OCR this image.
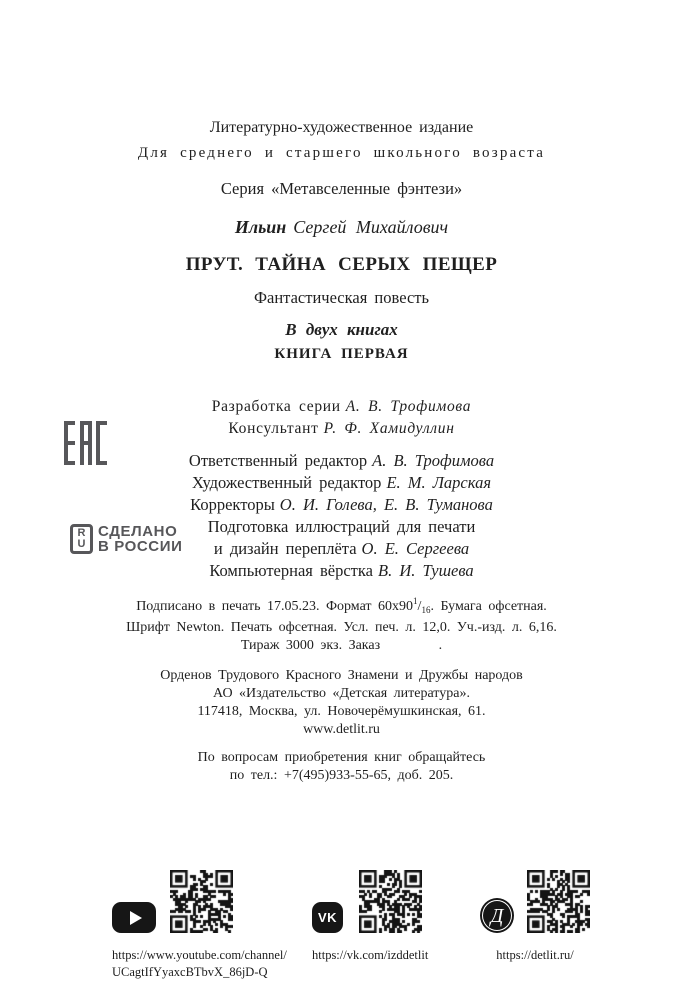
Литературно-художественное издание
Для среднего и старшего школьного возраста
Серия «Метавселенные фэнтези»
Ильин Сергей Михайлович
ПРУТ. ТАЙНА СЕРЫХ ПЕЩЕР
Фантастическая повесть
В двух книгах
КНИГА ПЕРВАЯ
Разработка серии А. В. Трофимова
Консультант Р. Ф. Хамидуллин
Ответственный редактор А. В. Трофимова
Художественный редактор Е. М. Ларская
Корректоры О. И. Голева, Е. В. Туманова
Подготовка иллюстраций для печати
и дизайн переплёта О. Е. Сергеева
Компьютерная вёрстка В. И. Тушева
Подписано в печать 17.05.23. Формат $60х90^1/_{16}$. Бумага офсетная.
Шрифт Newton. Печать офсетная. Усл. печ. л. 12,0. Уч.-изд. л. 6,16.
Тираж 3000 экз. Заказ         .
Орденов Трудового Красного Знамени и Дружбы народов
АО «Издательство «Детская литература».
117418, Москва, ул. Новочерёмушкинская, 61.
www.detlit.ru
По вопросам приобретения книг обращайтесь
по тел.: +7(495)933-55-65, доб. 205.
R
U
СДЕЛАНО
В РОССИИ
https://www.youtube.com/channel/
UCagtIfYyaxcBTbvX_86jD-Q
VK
https://vk.com/izddetlit
Д
https://detlit.ru/
